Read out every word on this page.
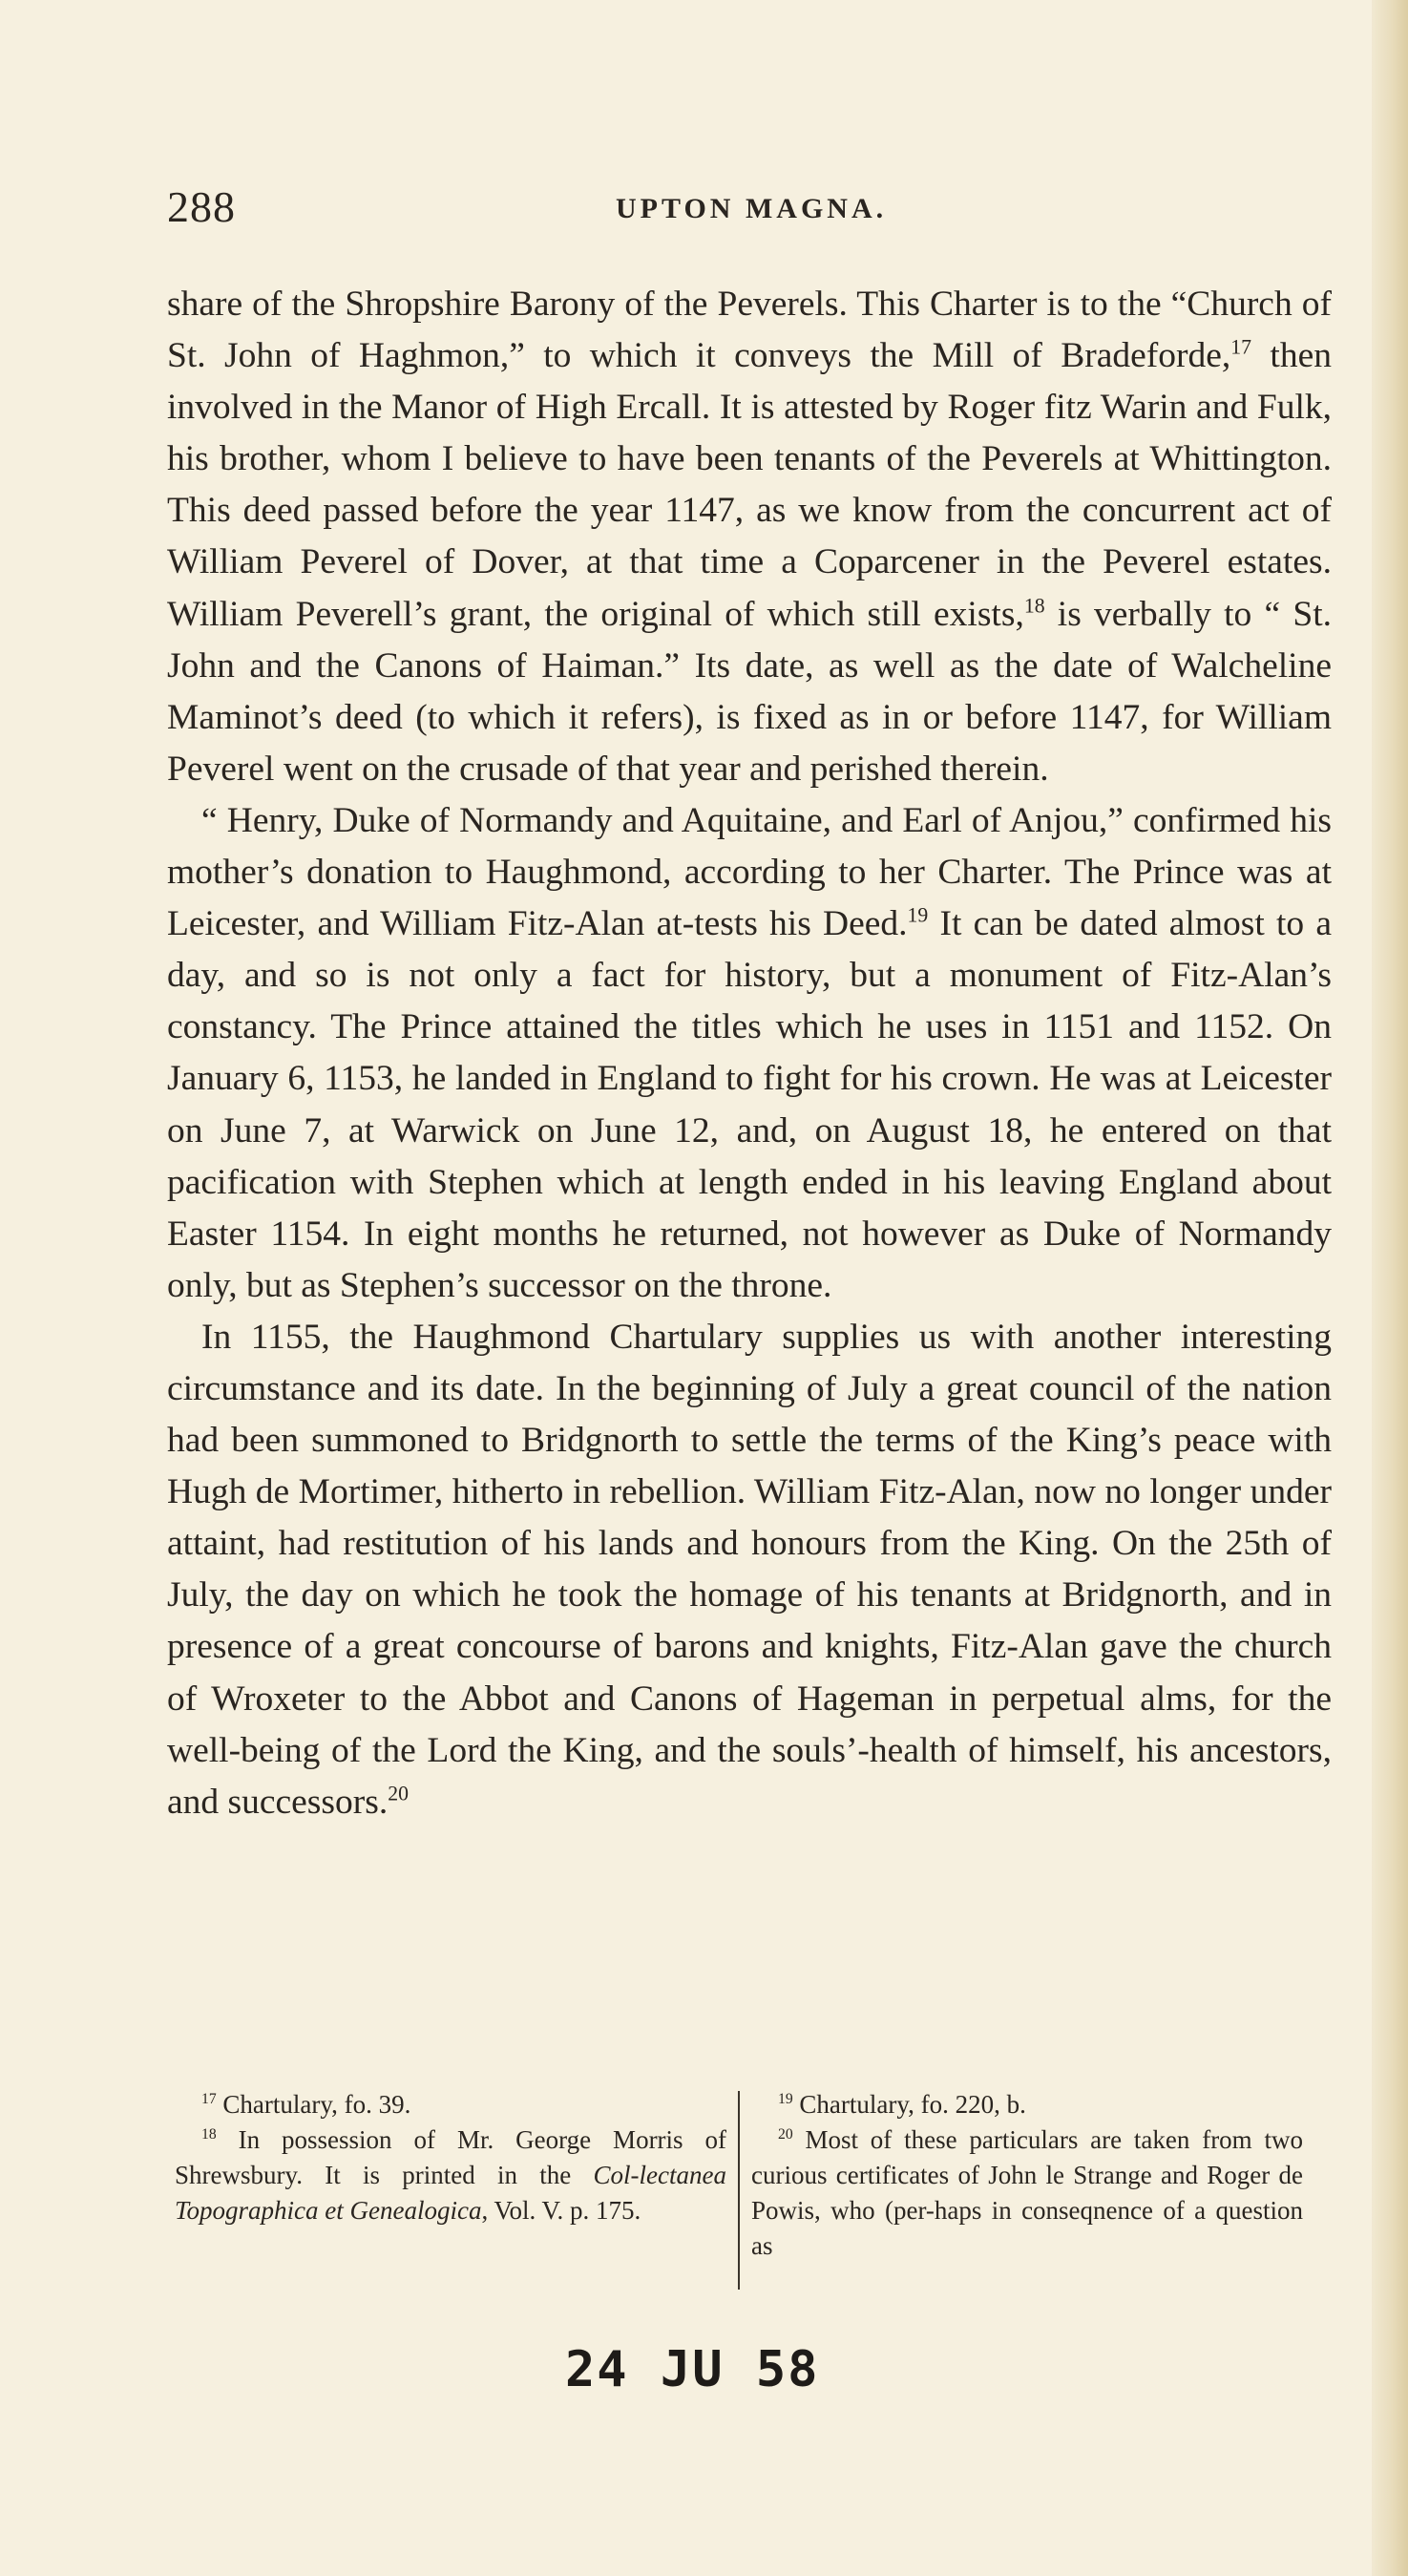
288	UPTON MAGNA.

share of the Shropshire Barony of the Peverels. This Charter is to the “Church of St. John of Haghmon,” to which it conveys the Mill of Bradeforde,$^{17}$ then involved in the Manor of High Ercall. It is attested by Roger fitz Warin and Fulk, his brother, whom I believe to have been tenants of the Peverels at Whittington. This deed passed before the year 1147, as we know from the concurrent act of William Peverel of Dover, at that time a Coparcener in the Peverel estates. William Peverell’s grant, the original of which still exists,$^{18}$ is verbally to “ St. John and the Canons of Haiman.” Its date, as well as the date of Walcheline Maminot’s deed (to which it refers), is fixed as in or before 1147, for William Peverel went on the crusade of that year and perished therein.

“ Henry, Duke of Normandy and Aquitaine, and Earl of Anjou,” confirmed his mother’s donation to Haughmond, according to her Charter. The Prince was at Leicester, and William Fitz-Alan at-tests his Deed.$^{19}$ It can be dated almost to a day, and so is not only a fact for history, but a monument of Fitz-Alan’s constancy. The Prince attained the titles which he uses in 1151 and 1152. On January 6, 1153, he landed in England to fight for his crown. He was at Leicester on June 7, at Warwick on June 12, and, on August 18, he entered on that pacification with Stephen which at length ended in his leaving England about Easter 1154. In eight months he returned, not however as Duke of Normandy only, but as Stephen’s successor on the throne.

In 1155, the Haughmond Chartulary supplies us with another interesting circumstance and its date. In the beginning of July a great council of the nation had been summoned to Bridgnorth to settle the terms of the King’s peace with Hugh de Mortimer, hitherto in rebellion. William Fitz-Alan, now no longer under attaint, had restitution of his lands and honours from the King. On the 25th of July, the day on which he took the homage of his tenants at Bridgnorth, and in presence of a great concourse of barons and knights, Fitz-Alan gave the church of Wroxeter to the Abbot and Canons of Hageman in perpetual alms, for the well-being of the Lord the King, and the souls’-health of himself, his ancestors, and successors.$^{20}$

$^{17}$ Chartulary, fo. 39.

$^{18}$ In possession of Mr. George Morris of Shrewsbury. It is printed in the Col-lectanea Topographica et Genealogica, Vol. V. p. 175.

$^{19}$ Chartulary, fo. 220, b.

$^{20}$ Most of these particulars are taken from two curious certificates of John le Strange and Roger de Powis, who (per-haps in conseqnence of a question as

24 JU 58
